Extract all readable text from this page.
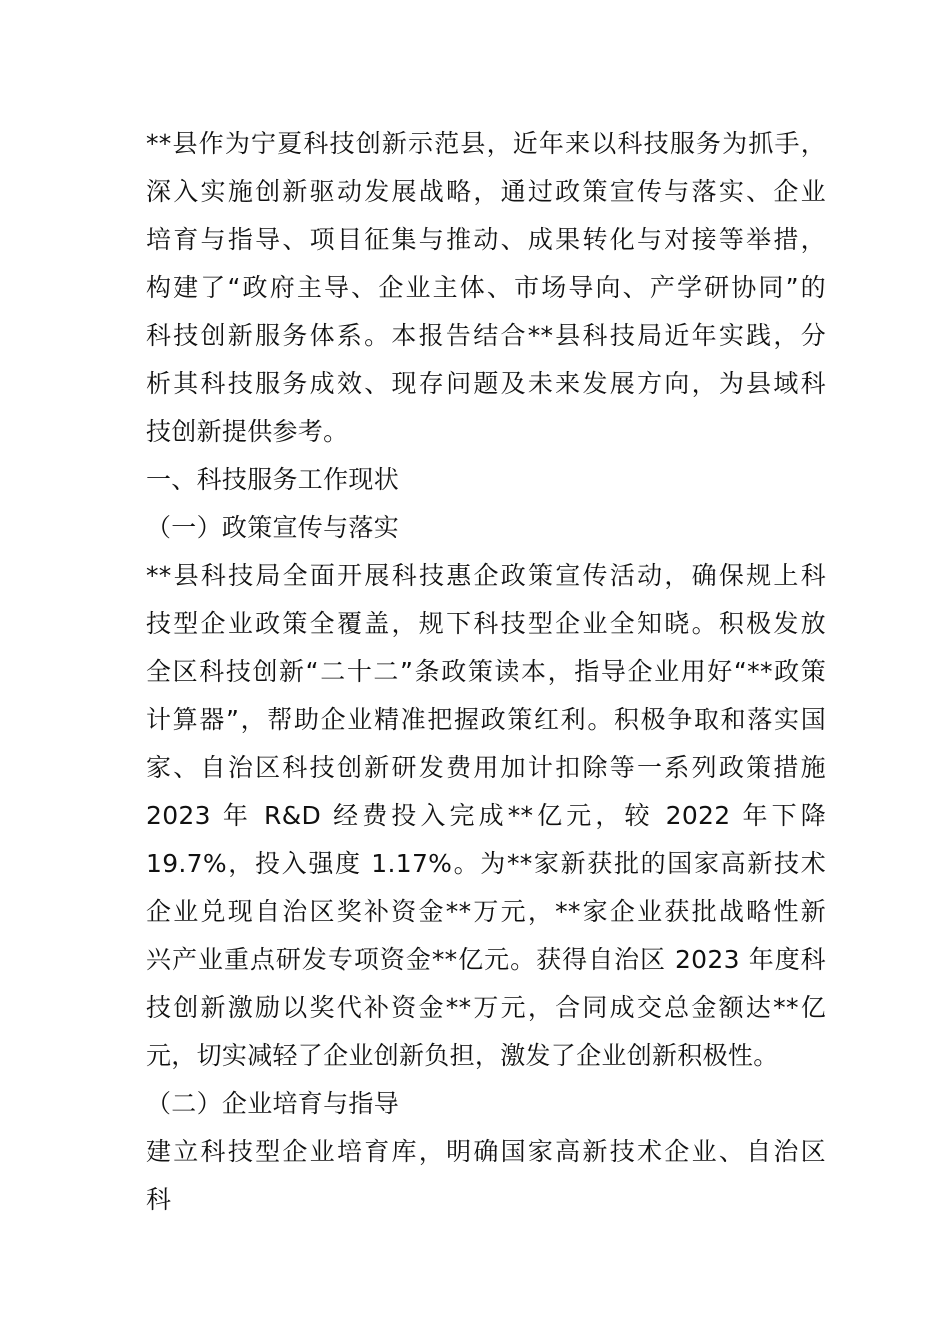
**县作为宁夏科技创新示范县，近年来以科技服务为抓手，
深入实施创新驱动发展战略，通过政策宣传与落实、企业
培育与指导、项目征集与推动、成果转化与对接等举措，
构建了“政府主导、企业主体、市场导向、产学研协同”的
科技创新服务体系。本报告结合**县科技局近年实践，分
析其科技服务成效、现存问题及未来发展方向，为县域科
技创新提供参考。
一、科技服务工作现状
（一）政策宣传与落实
**县科技局全面开展科技惠企政策宣传活动，确保规上科
技型企业政策全覆盖，规下科技型企业全知晓。积极发放
全区科技创新“二十二”条政策读本，指导企业用好“**政策
计算器”，帮助企业精准把握政策红利。积极争取和落实国
家、自治区科技创新研发费用加计扣除等一系列政策措施
2023 年 R&D 经费投入完成**亿元，较 2022 年下降
19.7%，投入强度 1.17%。为**家新获批的国家高新技术
企业兑现自治区奖补资金**万元，**家企业获批战略性新
兴产业重点研发专项资金**亿元。获得自治区 2023 年度科
技创新激励以奖代补资金**万元，合同成交总金额达**亿
元，切实减轻了企业创新负担，激发了企业创新积极性。
（二）企业培育与指导
建立科技型企业培育库，明确国家高新技术企业、自治区
科
